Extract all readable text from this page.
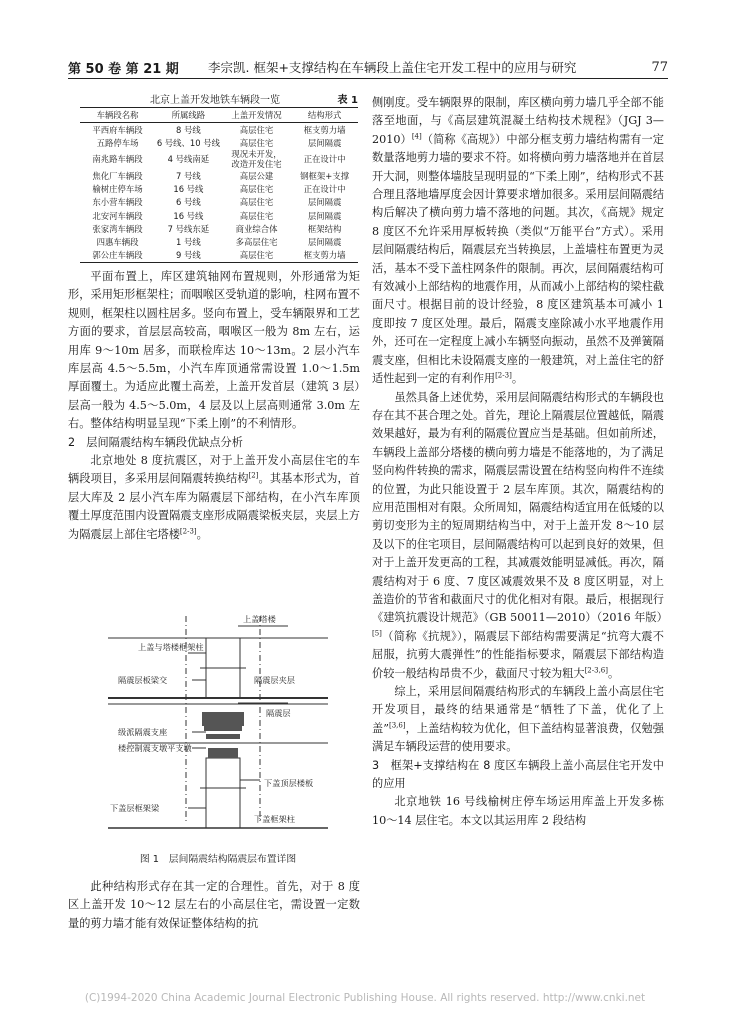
第 50 卷 第 21 期 李宗凯. 框架+支撑结构在车辆段上盖住宅开发工程中的应用与研究	77
北京上盖开发地铁车辆段一览	表 1
车辆段名称	所属线路	上盖开发情况	结构形式
平西府车辆段	8 号线	高层住宅	框支剪力墙
五路停车场	6 号线、10 号线	高层住宅	层间隔震
南兆路车辆段	4 号线南延	现况未开发，改造开发住宅	正在设计中
焦化厂车辆段	7 号线	高层公建	钢框架+支撑
榆树庄停车场	16 号线	高层住宅	正在设计中
东小营车辆段	6 号线	高层住宅	层间隔震
北安河车辆段	16 号线	高层住宅	层间隔震
张家湾车辆段	7 号线东延	商业综合体	框架结构
四惠车辆段	1 号线	多高层住宅	层间隔震
郭公庄车辆段	9 号线	高层住宅	框支剪力墙

平面布置上，库区建筑轴网布置规则，外形通常为矩形，采用矩形框架柱；而咽喉区受轨道的影响，柱网布置不规则，框架柱以圆柱居多。竖向布置上，受车辆限界和工艺方面的要求，首层层高较高，咽喉区一般为 8m 左右，运用库 9～10m 居多，而联检库达 10～13m。2 层小汽车库层高 4.5～5.5m，小汽车库顶通常需设置 1.0～1.5m 厚面覆土。为适应此覆土高差，上盖开发首层（建筑 3 层）层高一般为 4.5～5.0m，4 层及以上层高则通常 3.0m 左右。整体结构明显呈现“下柔上刚”的不利情形。

2　层间隔震结构车辆段优缺点分析

北京地处 8 度抗震区，对于上盖开发小高层住宅的车辆段项目，多采用层间隔震转换结构[2]。其基本形式为，首层大库及 2 层小汽车库为隔震层下部结构，在小汽车库顶覆土厚度范围内设置隔震支座形成隔震梁板夹层，夹层上方为隔震层上部住宅塔楼[2-3]。

上盖塔楼
上盖与塔楼框架柱
隔震层板梁交	隔震层夹层
隔震层
级派隔震支座
楼控制震支墩平支墩
下盖顶层楼板
下盖层框架梁
下盖框架柱
图 1　层间隔震结构隔震层布置详图

此种结构形式存在其一定的合理性。首先，对于 8 度区上盖开发 10～12 层左右的小高层住宅，需设置一定数量的剪力墙才能有效保证整体结构的抗

侧刚度。受车辆限界的限制，库区横向剪力墙几乎全部不能落至地面，与《高层建筑混凝土结构技术规程》（JGJ 3—2010）[4]（简称《高规》）中部分框支剪力墙结构需有一定数量落地剪力墙的要求不符。如将横向剪力墙落地并在首层开大洞，则整体墙肢呈现明显的“下柔上刚”，结构形式不甚合理且落地墙厚度会因计算要求增加很多。采用层间隔震结构后解决了横向剪力墙不落地的问题。其次，《高规》规定 8 度区不允许采用厚板转换（类似“万能平台”方式）。采用层间隔震结构后，隔震层充当转换层，上盖墙柱布置更为灵活，基本不受下盖柱网条件的限制。再次，层间隔震结构可有效减小上部结构的地震作用，从而减小上部结构的梁柱截面尺寸。根据目前的设计经验，8 度区建筑基本可减小 1 度即按 7 度区处理。最后，隔震支座除减小水平地震作用外，还可在一定程度上减小车辆竖向振动，虽然不及弹簧隔震支座，但相比未设隔震支座的一般建筑，对上盖住宅的舒适性起到一定的有利作用[2-3]。

虽然具备上述优势，采用层间隔震结构形式的车辆段也存在其不甚合理之处。首先，理论上隔震层位置越低，隔震效果越好，最为有利的隔震位置应当是基础。但如前所述，车辆段上盖部分塔楼的横向剪力墙是不能落地的，为了满足竖向构件转换的需求，隔震层需设置在结构竖向构件不连续的位置，为此只能设置于 2 层车库顶。其次，隔震结构的应用范围相对有限。众所周知，隔震结构适宜用在低矮的以剪切变形为主的短周期结构当中，对于上盖开发 8～10 层及以下的住宅项目，层间隔震结构可以起到良好的效果，但对于上盖开发更高的工程，其减震效能明显减低。再次，隔震结构对于 6 度、7 度区减震效果不及 8 度区明显，对上盖造价的节省和截面尺寸的优化相对有限。最后，根据现行《建筑抗震设计规范》（GB 50011—2010）（2016 年版）[5]（简称《抗规》），隔震层下部结构需要满足“抗弯大震不屈服，抗剪大震弹性”的性能指标要求，隔震层下部结构造价较一般结构昂贵不少，截面尺寸较为粗大[2-3,6]。

综上，采用层间隔震结构形式的车辆段上盖小高层住宅开发项目，最终的结果通常是“牺牲了下盖，优化了上盖”[3,6]，上盖结构较为优化，但下盖结构显著浪费，仅勉强满足车辆段运营的使用要求。

3　框架+支撑结构在 8 度区车辆段上盖小高层住宅开发中的应用

北京地铁 16 号线榆树庄停车场运用库盖上开发多栋 10～14 层住宅。本文以其运用库 2 段结构

(C)1994-2020 China Academic Journal Electronic Publishing House. All rights reserved. http://www.cnki.net
